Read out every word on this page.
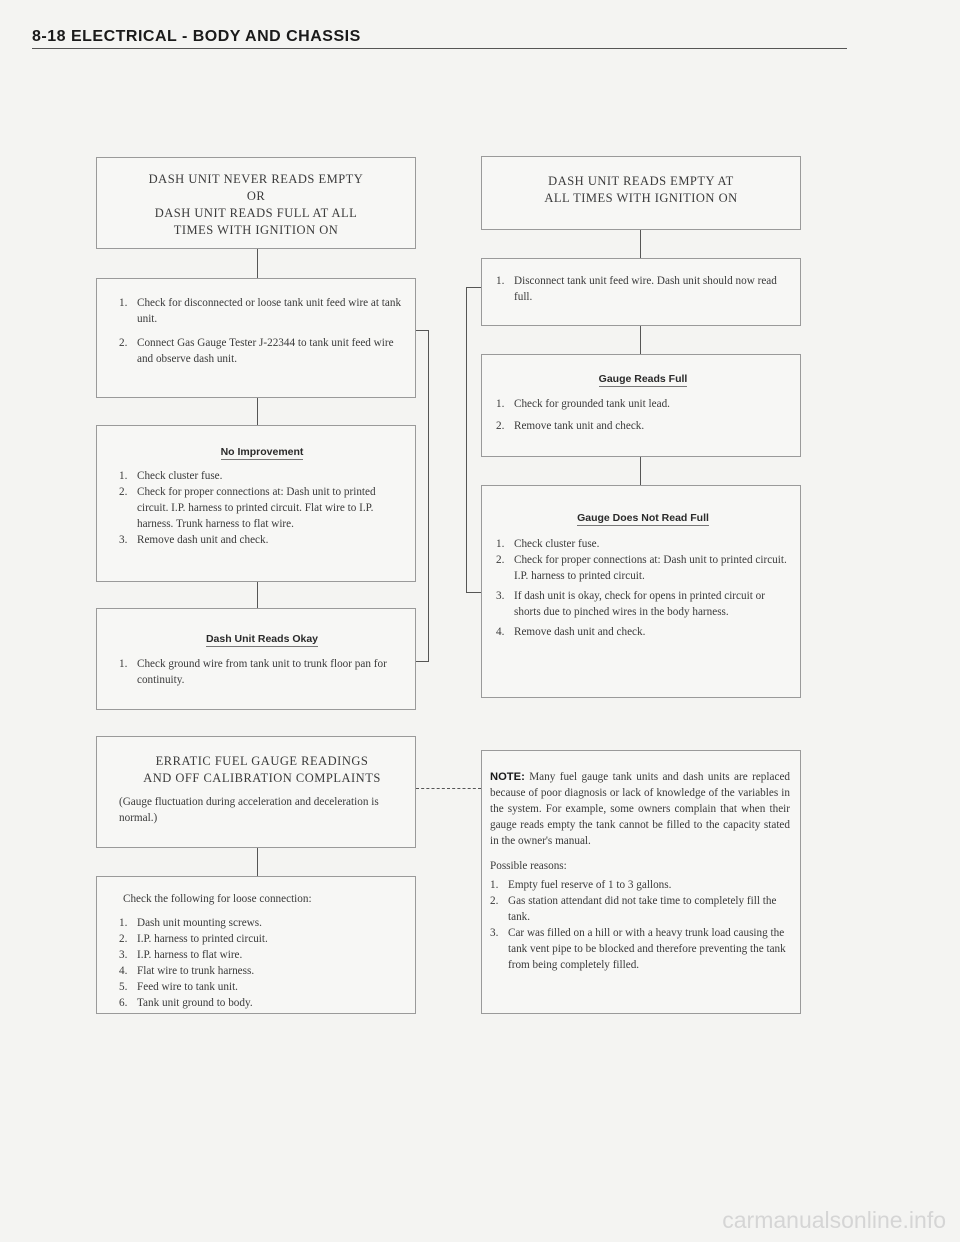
8-18 ELECTRICAL - BODY AND CHASSIS
DASH UNIT NEVER READS EMPTY
OR
DASH UNIT READS FULL AT ALL
TIMES WITH IGNITION ON
1. Check for disconnected or loose tank unit feed wire at tank unit.
2. Connect Gas Gauge Tester J-22344 to tank unit feed wire and observe dash unit.
No Improvement
1. Check cluster fuse.
2. Check for proper connections at: Dash unit to printed circuit. I.P. harness to printed circuit. Flat wire to I.P. harness. Trunk harness to flat wire.
3. Remove dash unit and check.
Dash Unit Reads Okay
1. Check ground wire from tank unit to trunk floor pan for continuity.
ERRATIC FUEL GAUGE READINGS
AND OFF CALIBRATION COMPLAINTS
(Gauge fluctuation during acceleration and deceleration is normal.)
Check the following for loose connection:
1. Dash unit mounting screws.
2. I.P. harness to printed circuit.
3. I.P. harness to flat wire.
4. Flat wire to trunk harness.
5. Feed wire to tank unit.
6. Tank unit ground to body.
DASH UNIT READS EMPTY AT
ALL TIMES WITH IGNITION ON
1. Disconnect tank unit feed wire. Dash unit should now read full.
Gauge Reads Full
1. Check for grounded tank unit lead.
2. Remove tank unit and check.
Gauge Does Not Read Full
1. Check cluster fuse.
2. Check for proper connections at: Dash unit to printed circuit. I.P. harness to printed circuit.
3. If dash unit is okay, check for opens in printed circuit or shorts due to pinched wires in the body harness.
4. Remove dash unit and check.
NOTE: Many fuel gauge tank units and dash units are replaced because of poor diagnosis or lack of knowledge of the variables in the system. For example, some owners complain that when their gauge reads empty the tank cannot be filled to the capacity stated in the owner's manual.
Possible reasons:
1. Empty fuel reserve of 1 to 3 gallons.
2. Gas station attendant did not take time to completely fill the tank.
3. Car was filled on a hill or with a heavy trunk load causing the tank vent pipe to be blocked and therefore preventing the tank from being completely filled.
carmanualsonline.info
